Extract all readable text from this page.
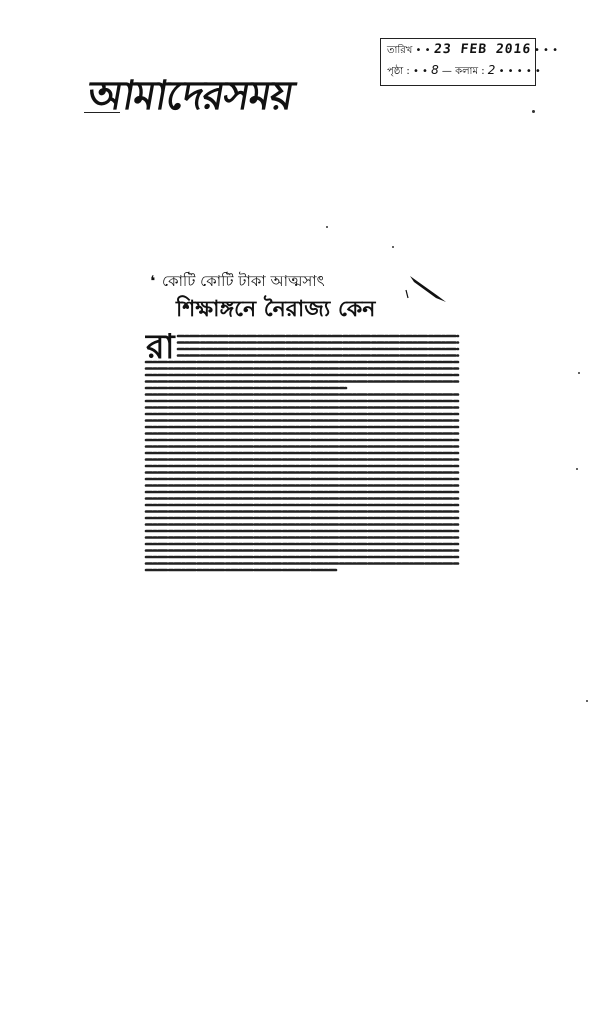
তারিখ • • 23 FEB 2016 • • •
পৃষ্ঠা : • • 8 — কলাম : 2 • • • • •
আমাদেরসময়
❛ কোটি কোটি টাকা আত্মসাৎ
শিক্ষাঙ্গনে নৈরাজ্য কেন
রা
